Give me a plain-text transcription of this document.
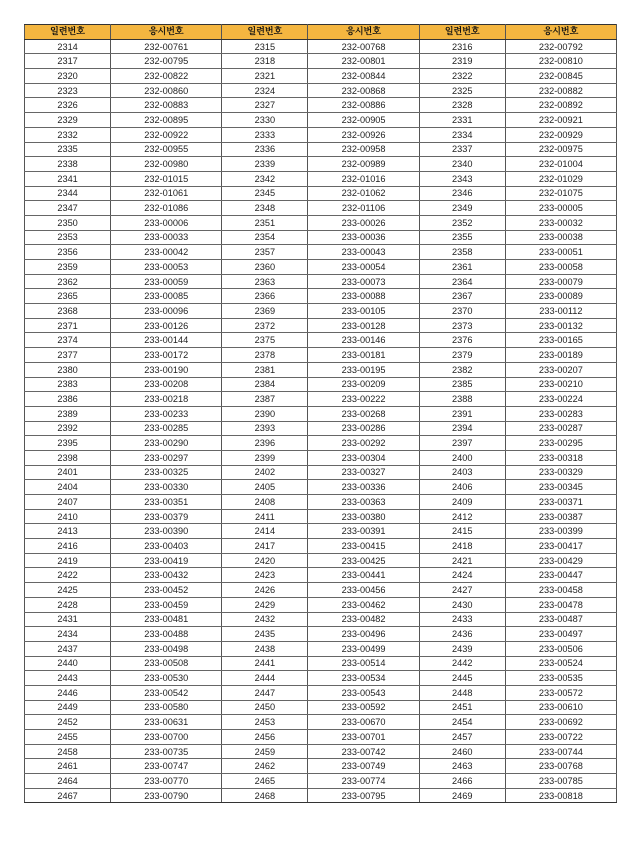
일련번호	응시번호	일련번호	응시번호	일련번호	응시번호
2314	232-00761	2315	232-00768	2316	232-00792
2317	232-00795	2318	232-00801	2319	232-00810
2320	232-00822	2321	232-00844	2322	232-00845
2323	232-00860	2324	232-00868	2325	232-00882
2326	232-00883	2327	232-00886	2328	232-00892
2329	232-00895	2330	232-00905	2331	232-00921
2332	232-00922	2333	232-00926	2334	232-00929
2335	232-00955	2336	232-00958	2337	232-00975
2338	232-00980	2339	232-00989	2340	232-01004
2341	232-01015	2342	232-01016	2343	232-01029
2344	232-01061	2345	232-01062	2346	232-01075
2347	232-01086	2348	232-01106	2349	233-00005
2350	233-00006	2351	233-00026	2352	233-00032
2353	233-00033	2354	233-00036	2355	233-00038
2356	233-00042	2357	233-00043	2358	233-00051
2359	233-00053	2360	233-00054	2361	233-00058
2362	233-00059	2363	233-00073	2364	233-00079
2365	233-00085	2366	233-00088	2367	233-00089
2368	233-00096	2369	233-00105	2370	233-00112
2371	233-00126	2372	233-00128	2373	233-00132
2374	233-00144	2375	233-00146	2376	233-00165
2377	233-00172	2378	233-00181	2379	233-00189
2380	233-00190	2381	233-00195	2382	233-00207
2383	233-00208	2384	233-00209	2385	233-00210
2386	233-00218	2387	233-00222	2388	233-00224
2389	233-00233	2390	233-00268	2391	233-00283
2392	233-00285	2393	233-00286	2394	233-00287
2395	233-00290	2396	233-00292	2397	233-00295
2398	233-00297	2399	233-00304	2400	233-00318
2401	233-00325	2402	233-00327	2403	233-00329
2404	233-00330	2405	233-00336	2406	233-00345
2407	233-00351	2408	233-00363	2409	233-00371
2410	233-00379	2411	233-00380	2412	233-00387
2413	233-00390	2414	233-00391	2415	233-00399
2416	233-00403	2417	233-00415	2418	233-00417
2419	233-00419	2420	233-00425	2421	233-00429
2422	233-00432	2423	233-00441	2424	233-00447
2425	233-00452	2426	233-00456	2427	233-00458
2428	233-00459	2429	233-00462	2430	233-00478
2431	233-00481	2432	233-00482	2433	233-00487
2434	233-00488	2435	233-00496	2436	233-00497
2437	233-00498	2438	233-00499	2439	233-00506
2440	233-00508	2441	233-00514	2442	233-00524
2443	233-00530	2444	233-00534	2445	233-00535
2446	233-00542	2447	233-00543	2448	233-00572
2449	233-00580	2450	233-00592	2451	233-00610
2452	233-00631	2453	233-00670	2454	233-00692
2455	233-00700	2456	233-00701	2457	233-00722
2458	233-00735	2459	233-00742	2460	233-00744
2461	233-00747	2462	233-00749	2463	233-00768
2464	233-00770	2465	233-00774	2466	233-00785
2467	233-00790	2468	233-00795	2469	233-00818
